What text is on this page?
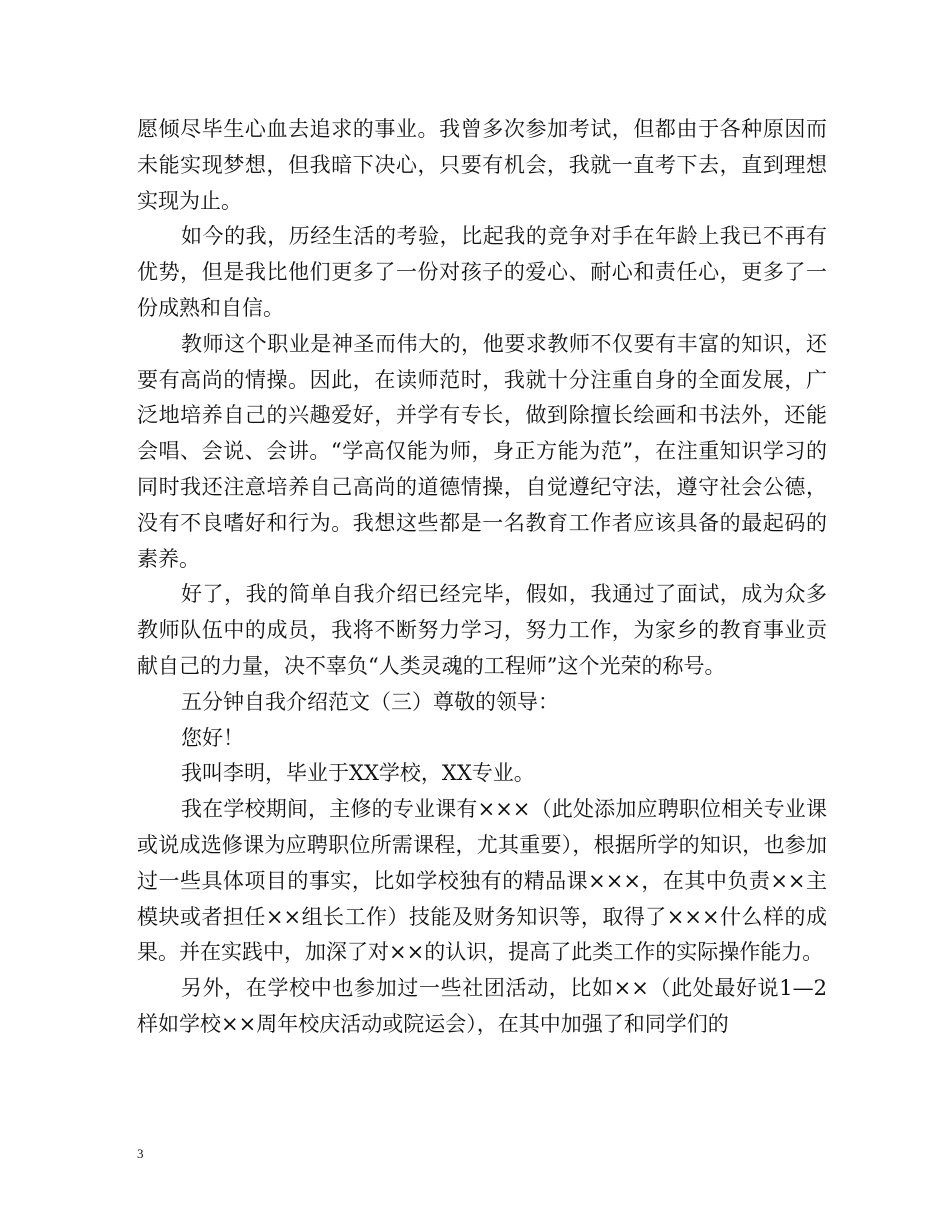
愿倾尽毕生心血去追求的事业。我曾多次参加考试，但都由于各种原因而未能实现梦想，但我暗下决心，只要有机会，我就一直考下去，直到理想实现为止。

如今的我，历经生活的考验，比起我的竞争对手在年龄上我已不再有优势，但是我比他们更多了一份对孩子的爱心、耐心和责任心，更多了一份成熟和自信。

教师这个职业是神圣而伟大的，他要求教师不仅要有丰富的知识，还要有高尚的情操。因此，在读师范时，我就十分注重自身的全面发展，广泛地培养自己的兴趣爱好，并学有专长，做到除擅长绘画和书法外，还能会唱、会说、会讲。“学高仅能为师，身正方能为范”，在注重知识学习的同时我还注意培养自己高尚的道德情操，自觉遵纪守法，遵守社会公德，没有不良嗜好和行为。我想这些都是一名教育工作者应该具备的最起码的素养。

好了，我的简单自我介绍已经完毕，假如，我通过了面试，成为众多教师队伍中的成员，我将不断努力学习，努力工作，为家乡的教育事业贡献自己的力量，决不辜负“人类灵魂的工程师”这个光荣的称号。

五分钟自我介绍范文（三）尊敬的领导：

您好！

我叫李明，毕业于XX学校，XX专业。

我在学校期间，主修的专业课有×××（此处添加应聘职位相关专业课或说成选修课为应聘职位所需课程，尤其重要），根据所学的知识，也参加过一些具体项目的事实，比如学校独有的精品课×××，在其中负责××主模块或者担任××组长工作）技能及财务知识等，取得了×××什么样的成果。并在实践中，加深了对××的认识，提高了此类工作的实际操作能力。

另外，在学校中也参加过一些社团活动，比如××（此处最好说1—2样如学校××周年校庆活动或院运会），在其中加强了和同学们的

3
